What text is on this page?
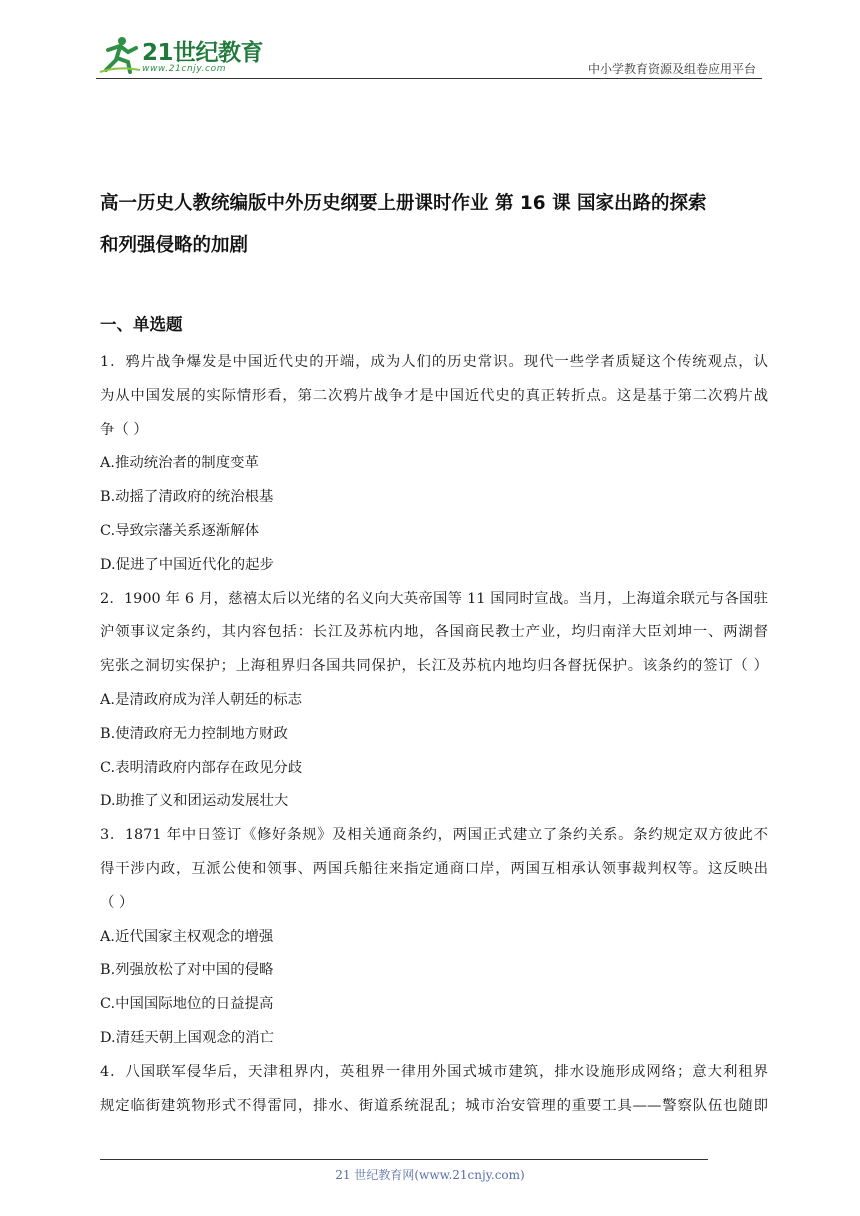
21世纪教育
www.21cnjy.com	中小学教育资源及组卷应用平台
高一历史人教统编版中外历史纲要上册课时作业 第 16 课 国家出路的探索
和列强侵略的加剧
一、单选题
1．鸦片战争爆发是中国近代史的开端，成为人们的历史常识。现代一些学者质疑这个传统观点，认
为从中国发展的实际情形看，第二次鸦片战争才是中国近代史的真正转折点。这是基于第二次鸦片战
争（ ）
A.推动统治者的制度变革
B.动摇了清政府的统治根基
C.导致宗藩关系逐渐解体
D.促进了中国近代化的起步
2．1900 年 6 月，慈禧太后以光绪的名义向大英帝国等 11 国同时宣战。当月，上海道余联元与各国驻
沪领事议定条约，其内容包括：长江及苏杭内地，各国商民教士产业，均归南洋大臣刘坤一、两湖督
宪张之洞切实保护；上海租界归各国共同保护，长江及苏杭内地均归各督抚保护。该条约的签订（ ）
A.是清政府成为洋人朝廷的标志
B.使清政府无力控制地方财政
C.表明清政府内部存在政见分歧
D.助推了义和团运动发展壮大
3．1871 年中日签订《修好条规》及相关通商条约，两国正式建立了条约关系。条约规定双方彼此不
得干涉内政，互派公使和领事、两国兵船往来指定通商口岸，两国互相承认领事裁判权等。这反映出
（ ）
A.近代国家主权观念的增强
B.列强放松了对中国的侵略
C.中国国际地位的日益提高
D.清廷天朝上国观念的消亡
4．八国联军侵华后，天津租界内，英租界一律用外国式城市建筑，排水设施形成网络；意大利租界
规定临街建筑物形式不得雷同，排水、街道系统混乱；城市治安管理的重要工具——警察队伍也随即
21 世纪教育网(www.21cnjy.com)
